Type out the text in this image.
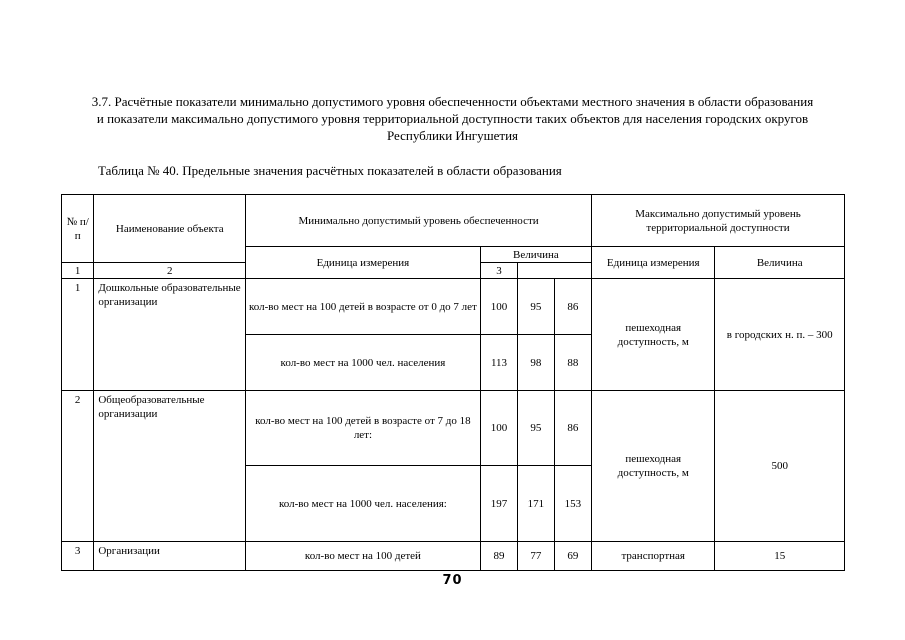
3.7. Расчётные показатели минимально допустимого уровня обеспеченности объектами местного значения в области образования
и показатели максимально допустимого уровня территориальной доступности таких объектов для населения городских округов
Республики Ингушетия
Таблица № 40. Предельные значения расчётных показателей в области образования
№ п/п	Наименование объекта	Минимально допустимый уровень обеспеченности				Максимально допустимый уровень территориальной доступности	
		Единица измерения	Величина			Единица измерения	Величина
1	2		3				
1	Дошкольные образовательные организации	кол-во мест на 100 детей в возрасте от 0 до 7 лет	100	95	86	пешеходная доступность, м	в городских н. п. – 300
		кол-во мест на 1000 чел. населения	113	98	88		
2	Общеобразовательные организации	кол-во мест на 100 детей в возрасте от 7 до 18 лет:	100	95	86	пешеходная доступность, м	500
		кол-во мест на 1000 чел. населения:	197	171	153		
3	Организации	кол-во мест на 100 детей	89	77	69	транспортная	15
70
